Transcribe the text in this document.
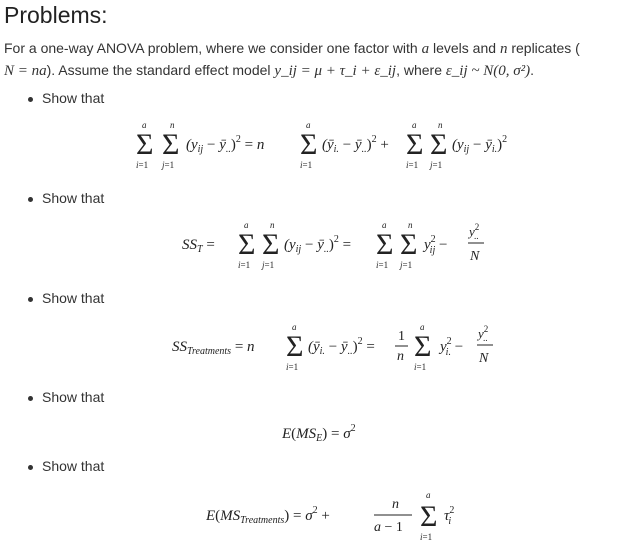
Problems:
For a one-way ANOVA problem, where we consider one factor with a levels and n replicates (
N = na). Assume the standard effect model y_ij = μ + τ_i + ε_ij, where ε_ij ~ N(0, σ²).
Show that
a
Σ
i=1
n
Σ
j=1
($y_{ij}$ − $ȳ_{..})^2 = n$
a
Σ
i=1
($ȳ_{i.}$ − $ȳ_{..})^2$ +
a
Σ
i=1
n
Σ
j=1
($y_{ij}$ − $ȳ_{i.})^2$
Show that
$SS_T$ =
a
Σ
i=1
n
Σ
j=1
($y_{ij}$ − $ȳ_{..})^2$ =
a
Σ
i=1
n
Σ
j=1
$y^2$ ij −
$y^2$ ..
N
Show that
$SS_{Treatments} = n$
a
Σ
i=1
($ȳ_{i.}$ − $ȳ_{..})^2$ =
1
n
a
Σ
i=1
$y^2$ i. −
$y^2$ ..
N
Show that
$E(MS_E) = \sigma^2$
Show that
$E(MS_{Treatments}) = \sigma^2$ +
n
a − 1
a
Σ
i=1
$\tau^2$ i
